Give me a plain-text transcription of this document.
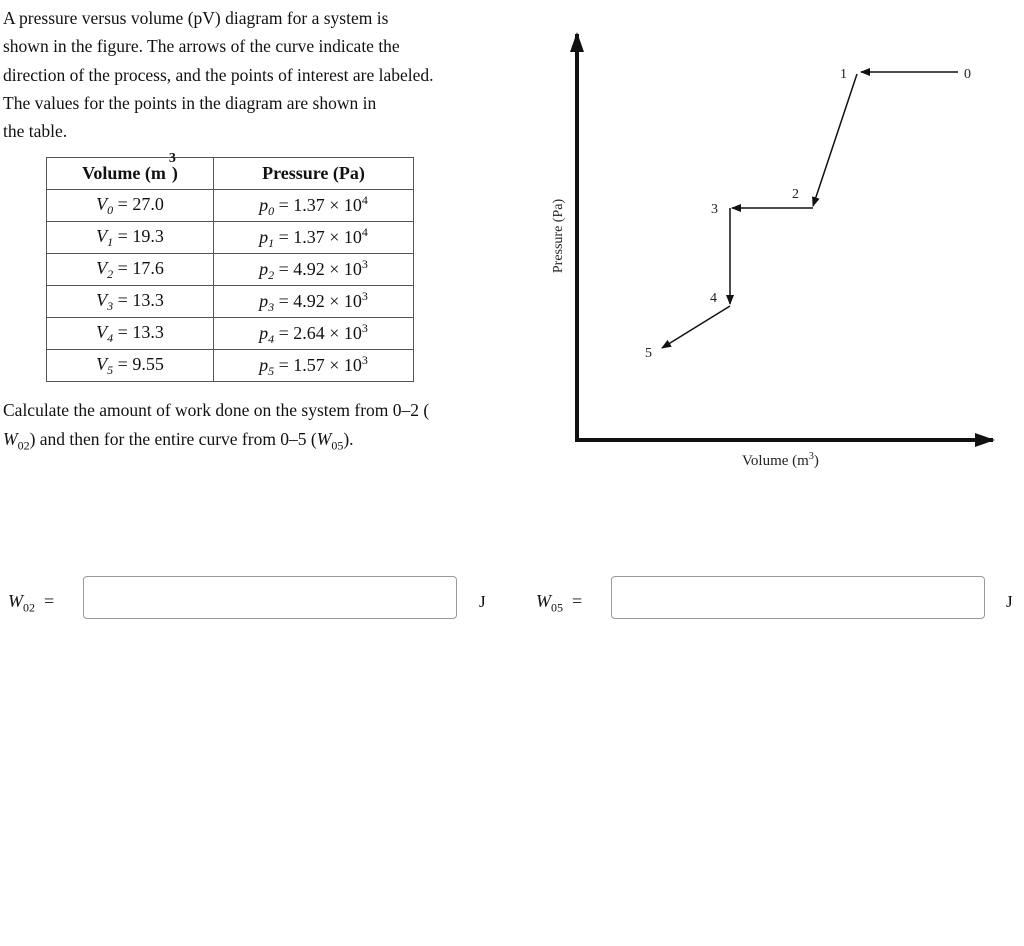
A pressure versus volume (pV) diagram for a system is
shown in the figure. The arrows of the curve indicate the
direction of the process, and the points of interest are labeled.
The values for the points in the diagram are shown in
the table.
Volume (m
3
)	Pressure (Pa)
$V_0 = 27.0$	$p_0 = 1.37 \times 10^4$
$V_1 = 19.3$	$p_1 = 1.37 \times 10^4$
$V_2 = 17.6$	$p_2 = 4.92 \times 10^3$
$V_3 = 13.3$	$p_3 = 4.92 \times 10^3$
$V_4 = 13.3$	$p_4 = 2.64 \times 10^3$
$V_5 = 9.55$	$p_5 = 1.57 \times 10^3$
Calculate the amount of work done on the system from 0–2 (
$W_{02}$) and then for the entire curve from 0–5 $(W_{05})$.
0
1
2
3
4
5
Pressure (Pa)
Volume $(m^3)$
$W_{02}$ =	J	$W_{05}$ =	J
